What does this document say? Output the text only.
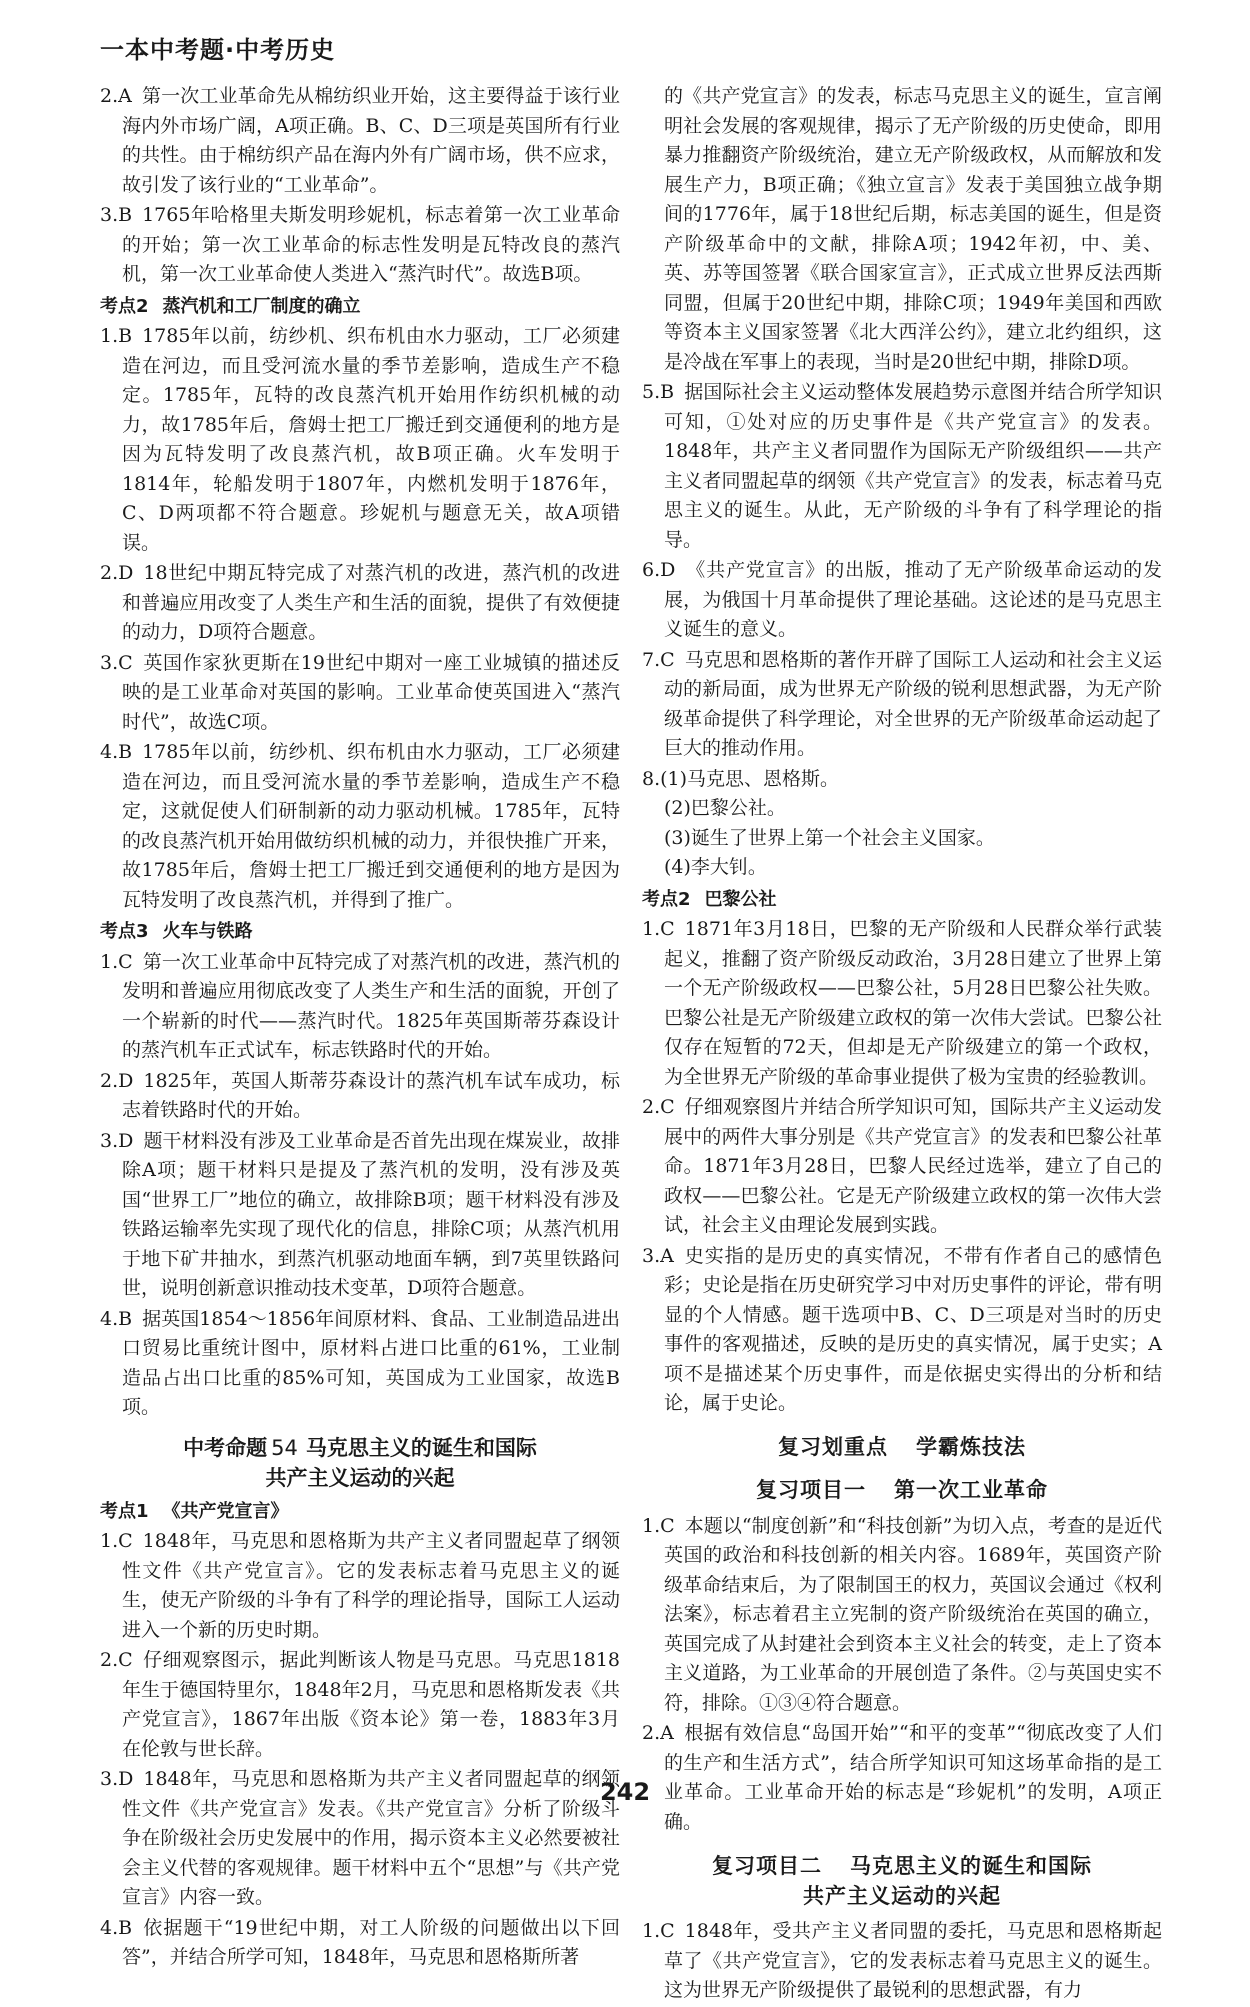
一本中考题·中考历史
2.A 第一次工业革命先从棉纺织业开始，这主要得益于该行业海内外市场广阔，A项正确。B、C、D三项是英国所有行业的共性。由于棉纺织产品在海内外有广阔市场，供不应求，故引发了该行业的“工业革命”。
3.B 1765年哈格里夫斯发明珍妮机，标志着第一次工业革命的开始；第一次工业革命的标志性发明是瓦特改良的蒸汽机，第一次工业革命使人类进入“蒸汽时代”。故选B项。
考点2 蒸汽机和工厂制度的确立
1.B 1785年以前，纺纱机、织布机由水力驱动，工厂必须建造在河边，而且受河流水量的季节差影响，造成生产不稳定。1785年，瓦特的改良蒸汽机开始用作纺织机械的动力，故1785年后，詹姆士把工厂搬迁到交通便利的地方是因为瓦特发明了改良蒸汽机，故B项正确。火车发明于1814年，轮船发明于1807年，内燃机发明于1876年，C、D两项都不符合题意。珍妮机与题意无关，故A项错误。
2.D 18世纪中期瓦特完成了对蒸汽机的改进，蒸汽机的改进和普遍应用改变了人类生产和生活的面貌，提供了有效便捷的动力，D项符合题意。
3.C 英国作家狄更斯在19世纪中期对一座工业城镇的描述反映的是工业革命对英国的影响。工业革命使英国进入“蒸汽时代”，故选C项。
4.B 1785年以前，纺纱机、织布机由水力驱动，工厂必须建造在河边，而且受河流水量的季节差影响，造成生产不稳定，这就促使人们研制新的动力驱动机械。1785年，瓦特的改良蒸汽机开始用做纺织机械的动力，并很快推广开来，故1785年后，詹姆士把工厂搬迁到交通便利的地方是因为瓦特发明了改良蒸汽机，并得到了推广。
考点3 火车与铁路
1.C 第一次工业革命中瓦特完成了对蒸汽机的改进，蒸汽机的发明和普遍应用彻底改变了人类生产和生活的面貌，开创了一个崭新的时代——蒸汽时代。1825年英国斯蒂芬森设计的蒸汽机车正式试车，标志铁路时代的开始。
2.D 1825年，英国人斯蒂芬森设计的蒸汽机车试车成功，标志着铁路时代的开始。
3.D 题干材料没有涉及工业革命是否首先出现在煤炭业，故排除A项；题干材料只是提及了蒸汽机的发明，没有涉及英国“世界工厂”地位的确立，故排除B项；题干材料没有涉及铁路运输率先实现了现代化的信息，排除C项；从蒸汽机用于地下矿井抽水，到蒸汽机驱动地面车辆，到7英里铁路问世，说明创新意识推动技术变革，D项符合题意。
4.B 据英国1854～1856年间原材料、食品、工业制造品进出口贸易比重统计图中，原材料占进口比重的61%，工业制造品占出口比重的85%可知，英国成为工业国家，故选B项。
中考命题 54 马克思主义的诞生和国际
共产主义运动的兴起
考点1 《共产党宣言》
1.C 1848年，马克思和恩格斯为共产主义者同盟起草了纲领性文件《共产党宣言》。它的发表标志着马克思主义的诞生，使无产阶级的斗争有了科学的理论指导，国际工人运动进入一个新的历史时期。
2.C 仔细观察图示，据此判断该人物是马克思。马克思1818年生于德国特里尔，1848年2月，马克思和恩格斯发表《共产党宣言》，1867年出版《资本论》第一卷，1883年3月在伦敦与世长辞。
3.D 1848年，马克思和恩格斯为共产主义者同盟起草的纲领性文件《共产党宣言》发表。《共产党宣言》分析了阶级斗争在阶级社会历史发展中的作用，揭示资本主义必然要被社会主义代替的客观规律。题干材料中五个“思想”与《共产党宣言》内容一致。
4.B 依据题干“19世纪中期，对工人阶级的问题做出以下回答”，并结合所学可知，1848年，马克思和恩格斯所著
的《共产党宣言》的发表，标志马克思主义的诞生，宣言阐明社会发展的客观规律，揭示了无产阶级的历史使命，即用暴力推翻资产阶级统治，建立无产阶级政权，从而解放和发展生产力，B项正确；《独立宣言》发表于美国独立战争期间的1776年，属于18世纪后期，标志美国的诞生，但是资产阶级革命中的文献，排除A项；1942年初，中、美、英、苏等国签署《联合国家宣言》，正式成立世界反法西斯同盟，但属于20世纪中期，排除C项；1949年美国和西欧等资本主义国家签署《北大西洋公约》，建立北约组织，这是冷战在军事上的表现，当时是20世纪中期，排除D项。
5.B 据国际社会主义运动整体发展趋势示意图并结合所学知识可知，①处对应的历史事件是《共产党宣言》的发表。1848年，共产主义者同盟作为国际无产阶级组织——共产主义者同盟起草的纲领《共产党宣言》的发表，标志着马克思主义的诞生。从此，无产阶级的斗争有了科学理论的指导。
6.D 《共产党宣言》的出版，推动了无产阶级革命运动的发展，为俄国十月革命提供了理论基础。这论述的是马克思主义诞生的意义。
7.C 马克思和恩格斯的著作开辟了国际工人运动和社会主义运动的新局面，成为世界无产阶级的锐利思想武器，为无产阶级革命提供了科学理论，对全世界的无产阶级革命运动起了巨大的推动作用。
8.(1)马克思、恩格斯。
(2)巴黎公社。
(3)诞生了世界上第一个社会主义国家。
(4)李大钊。
考点2 巴黎公社
1.C 1871年3月18日，巴黎的无产阶级和人民群众举行武装起义，推翻了资产阶级反动政治，3月28日建立了世界上第一个无产阶级政权——巴黎公社，5月28日巴黎公社失败。巴黎公社是无产阶级建立政权的第一次伟大尝试。巴黎公社仅存在短暂的72天，但却是无产阶级建立的第一个政权，为全世界无产阶级的革命事业提供了极为宝贵的经验教训。
2.C 仔细观察图片并结合所学知识可知，国际共产主义运动发展中的两件大事分别是《共产党宣言》的发表和巴黎公社革命。1871年3月28日，巴黎人民经过选举，建立了自己的政权——巴黎公社。它是无产阶级建立政权的第一次伟大尝试，社会主义由理论发展到实践。
3.A 史实指的是历史的真实情况，不带有作者自己的感情色彩；史论是指在历史研究学习中对历史事件的评论，带有明显的个人情感。题干选项中B、C、D三项是对当时的历史事件的客观描述，反映的是历史的真实情况，属于史实；A项不是描述某个历史事件，而是依据史实得出的分析和结论，属于史论。
复习划重点 学霸炼技法
复习项目一 第一次工业革命
1.C 本题以“制度创新”和“科技创新”为切入点，考查的是近代英国的政治和科技创新的相关内容。1689年，英国资产阶级革命结束后，为了限制国王的权力，英国议会通过《权利法案》，标志着君主立宪制的资产阶级统治在英国的确立，英国完成了从封建社会到资本主义社会的转变，走上了资本主义道路，为工业革命的开展创造了条件。②与英国史实不符，排除。①③④符合题意。
2.A 根据有效信息“岛国开始”“和平的变革”“彻底改变了人们的生产和生活方式”，结合所学知识可知这场革命指的是工业革命。工业革命开始的标志是“珍妮机”的发明，A项正确。
复习项目二 马克思主义的诞生和国际
共产主义运动的兴起
1.C 1848年，受共产主义者同盟的委托，马克思和恩格斯起草了《共产党宣言》，它的发表标志着马克思主义的诞生。这为世界无产阶级提供了最锐利的思想武器，有力
242
